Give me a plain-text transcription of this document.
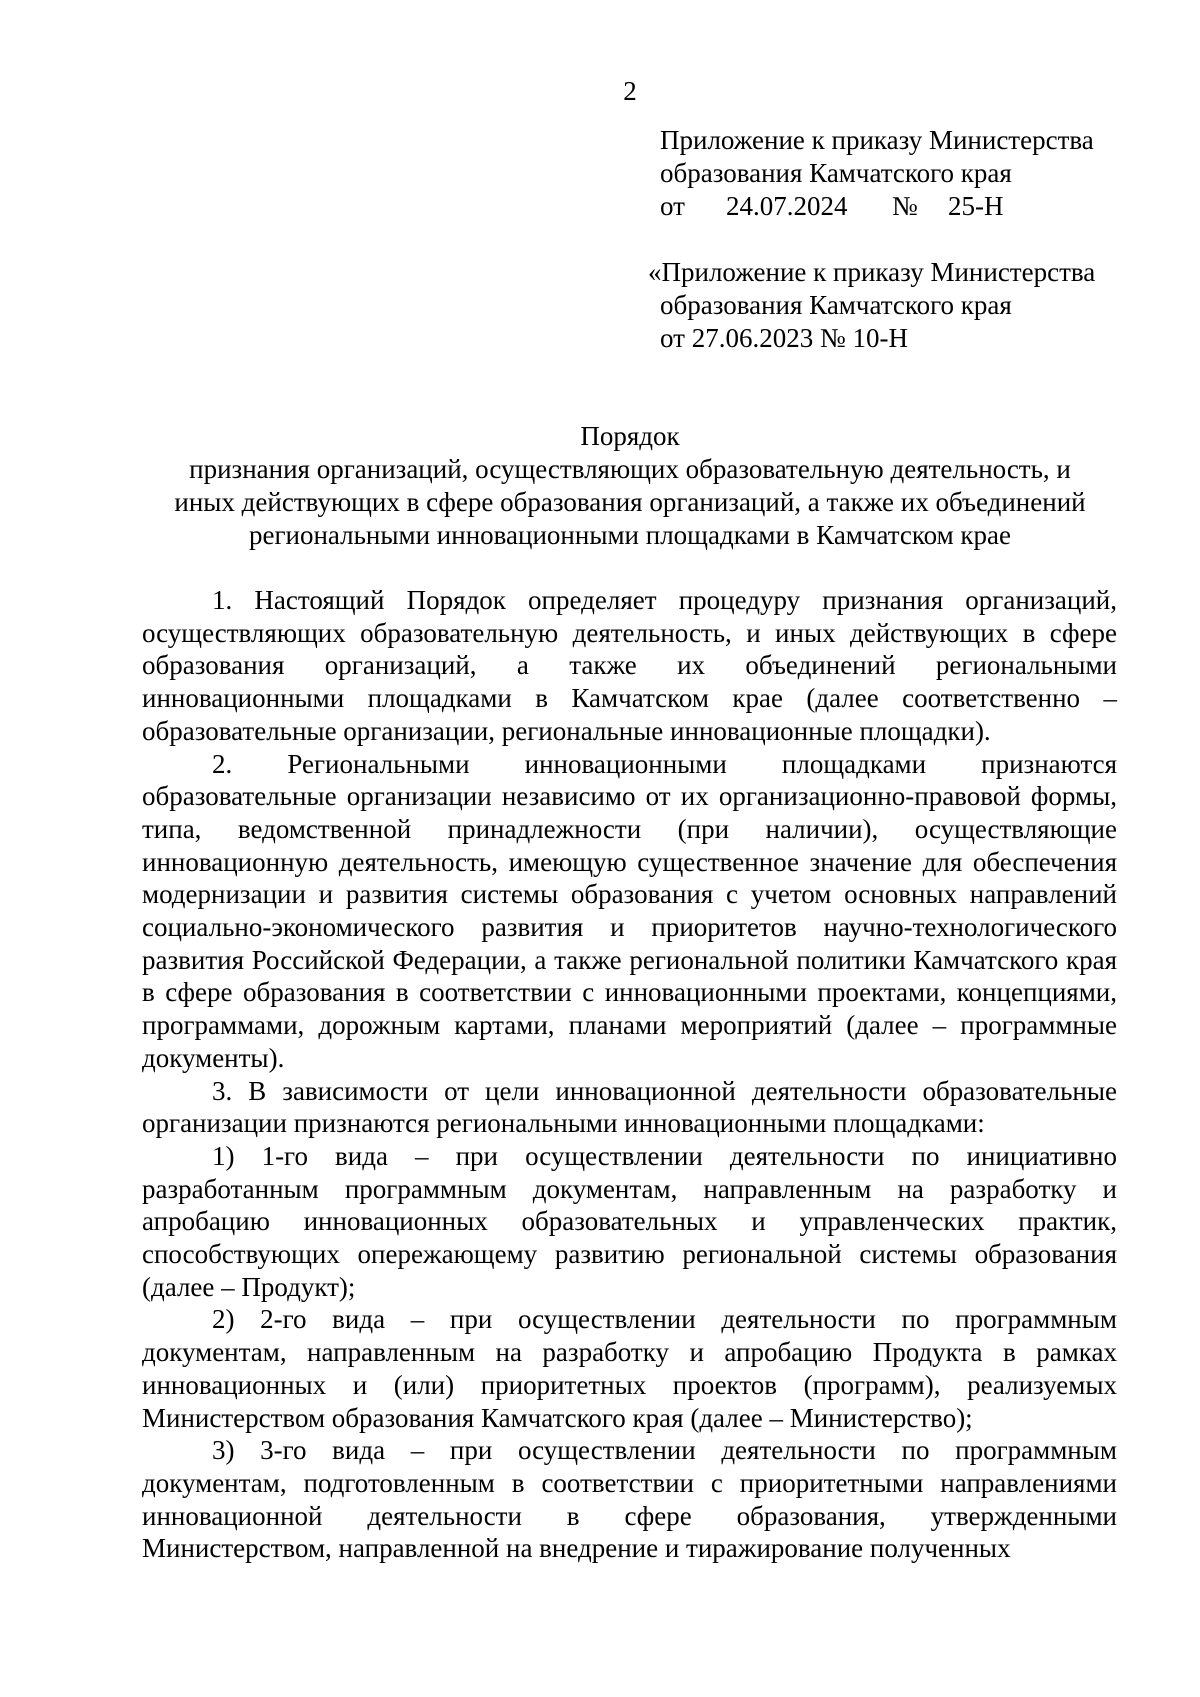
2
Приложение к приказу Министерства
образования Камчатского края
от	24.07.2024	№	25-Н
«Приложение к приказу Министерства
образования Камчатского края
от 27.06.2023 № 10-Н
Порядок
признания организаций, осуществляющих образовательную деятельность, и
иных действующих в сфере образования организаций, а также их объединений
региональными инновационными площадками в Камчатском крае

1. Настоящий Порядок определяет процедуру признания организаций, осуществляющих образовательную деятельность, и иных действующих в сфере образования организаций, а также их объединений региональными инновационными площадками в Камчатском крае (далее соответственно – образовательные организации, региональные инновационные площадки).

2. Региональными инновационными площадками признаются образовательные организации независимо от их организационно-правовой формы, типа, ведомственной принадлежности (при наличии), осуществляющие инновационную деятельность, имеющую существенное значение для обеспечения модернизации и развития системы образования с учетом основных направлений социально-экономического развития и приоритетов научно-технологического развития Российской Федерации, а также региональной политики Камчатского края в сфере образования в соответствии с инновационными проектами, концепциями, программами, дорожным картами, планами мероприятий (далее – программные документы).

3. В зависимости от цели инновационной деятельности образовательные организации признаются региональными инновационными площадками:

1) 1-го вида – при осуществлении деятельности по инициативно разработанным программным документам, направленным на разработку и апробацию инновационных образовательных и управленческих практик, способствующих опережающему развитию региональной системы образования (далее – Продукт);

2) 2-го вида – при осуществлении деятельности по программным документам, направленным на разработку и апробацию Продукта в рамках инновационных и (или) приоритетных проектов (программ), реализуемых Министерством образования Камчатского края (далее – Министерство);

3) 3-го вида – при осуществлении деятельности по программным документам, подготовленным в соответствии с приоритетными направлениями инновационной деятельности в сфере образования, утвержденными Министерством, направленной на внедрение и тиражирование полученных
